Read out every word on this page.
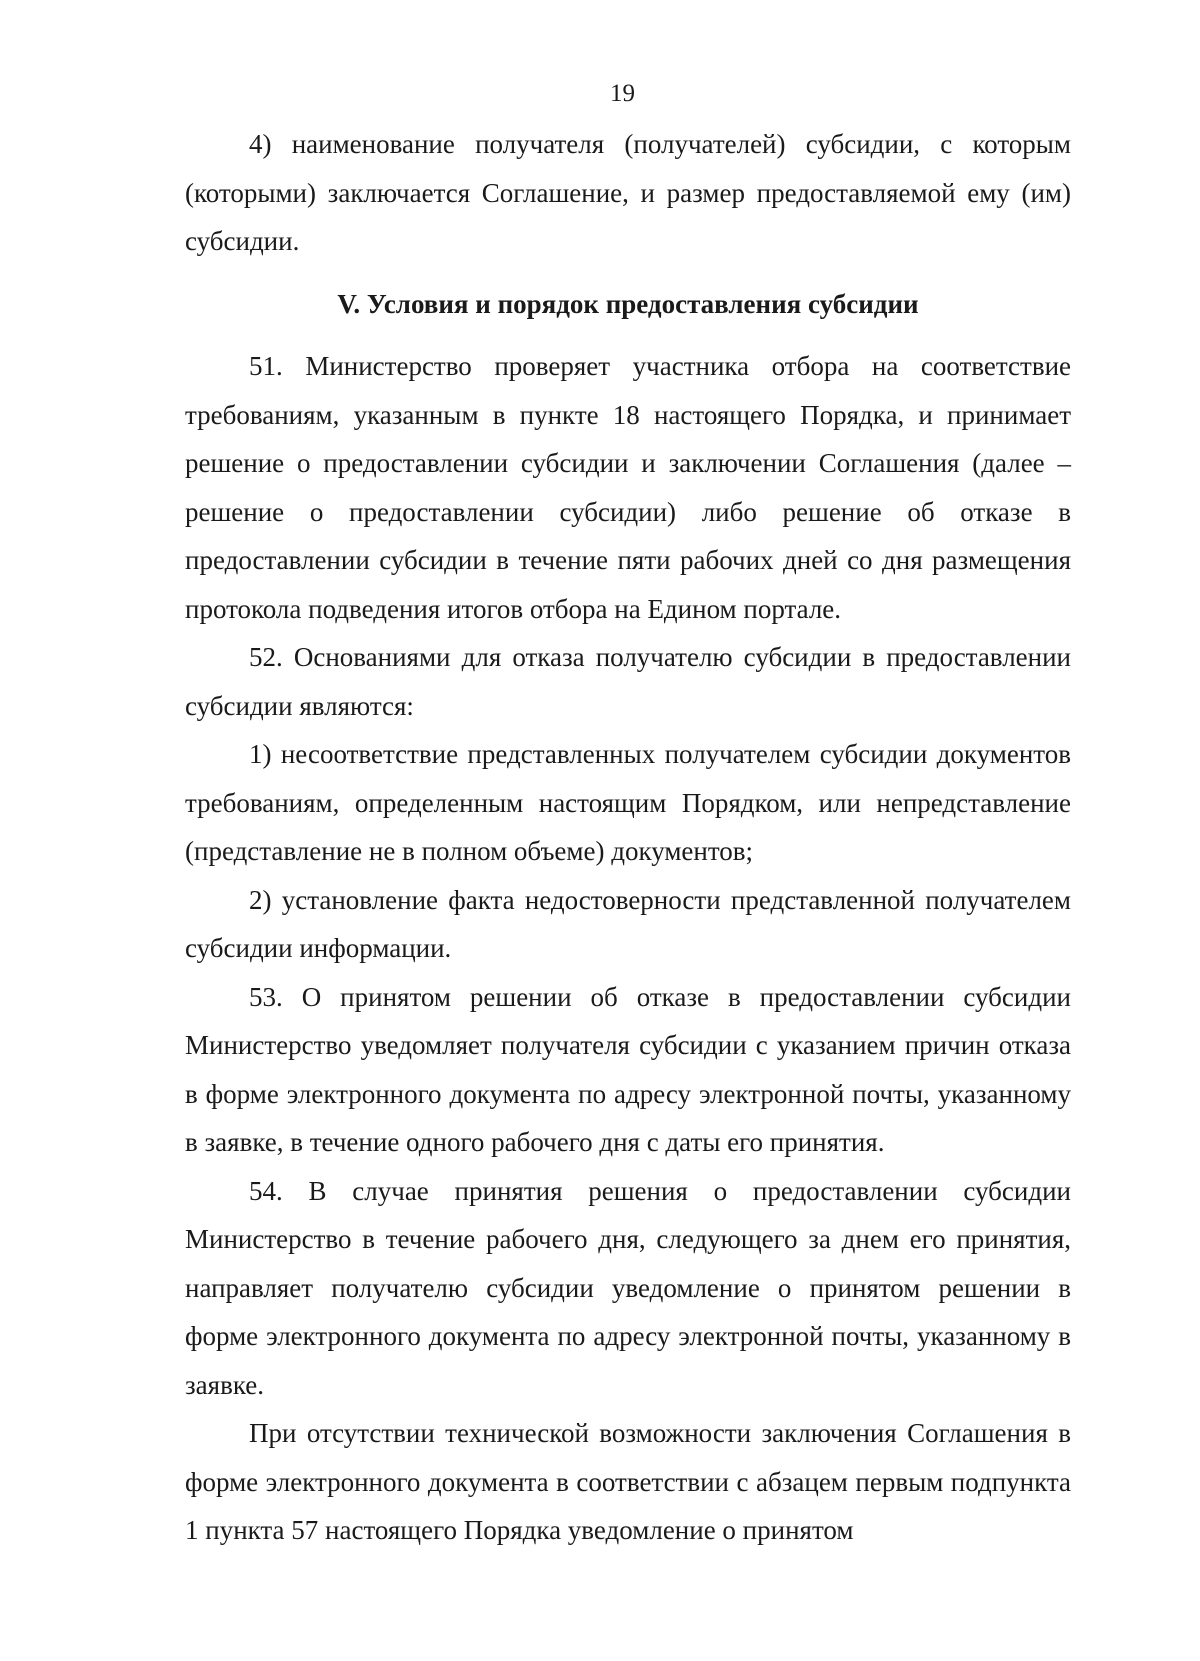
19

4) наименование получателя (получателей) субсидии, с которым (которыми) заключается Соглашение, и размер предоставляемой ему (им) субсидии.

V. Условия и порядок предоставления субсидии

51. Министерство проверяет участника отбора на соответствие требованиям, указанным в пункте 18 настоящего Порядка, и принимает решение о предоставлении субсидии и заключении Соглашения (далее – решение о предоставлении субсидии) либо решение об отказе в предоставлении субсидии в течение пяти рабочих дней со дня размещения протокола подведения итогов отбора на Едином портале.

52. Основаниями для отказа получателю субсидии в предоставлении субсидии являются:

1) несоответствие представленных получателем субсидии документов требованиям, определенным настоящим Порядком, или непредставление (представление не в полном объеме) документов;

2) установление факта недостоверности представленной получателем субсидии информации.

53. О принятом решении об отказе в предоставлении субсидии Министерство уведомляет получателя субсидии с указанием причин отказа в форме электронного документа по адресу электронной почты, указанному в заявке, в течение одного рабочего дня с даты его принятия.

54. В случае принятия решения о предоставлении субсидии Министерство в течение рабочего дня, следующего за днем его принятия, направляет получателю субсидии уведомление о принятом решении в форме электронного документа по адресу электронной почты, указанному в заявке.

При отсутствии технической возможности заключения Соглашения в форме электронного документа в соответствии с абзацем первым подпункта 1 пункта 57 настоящего Порядка уведомление о принятом
